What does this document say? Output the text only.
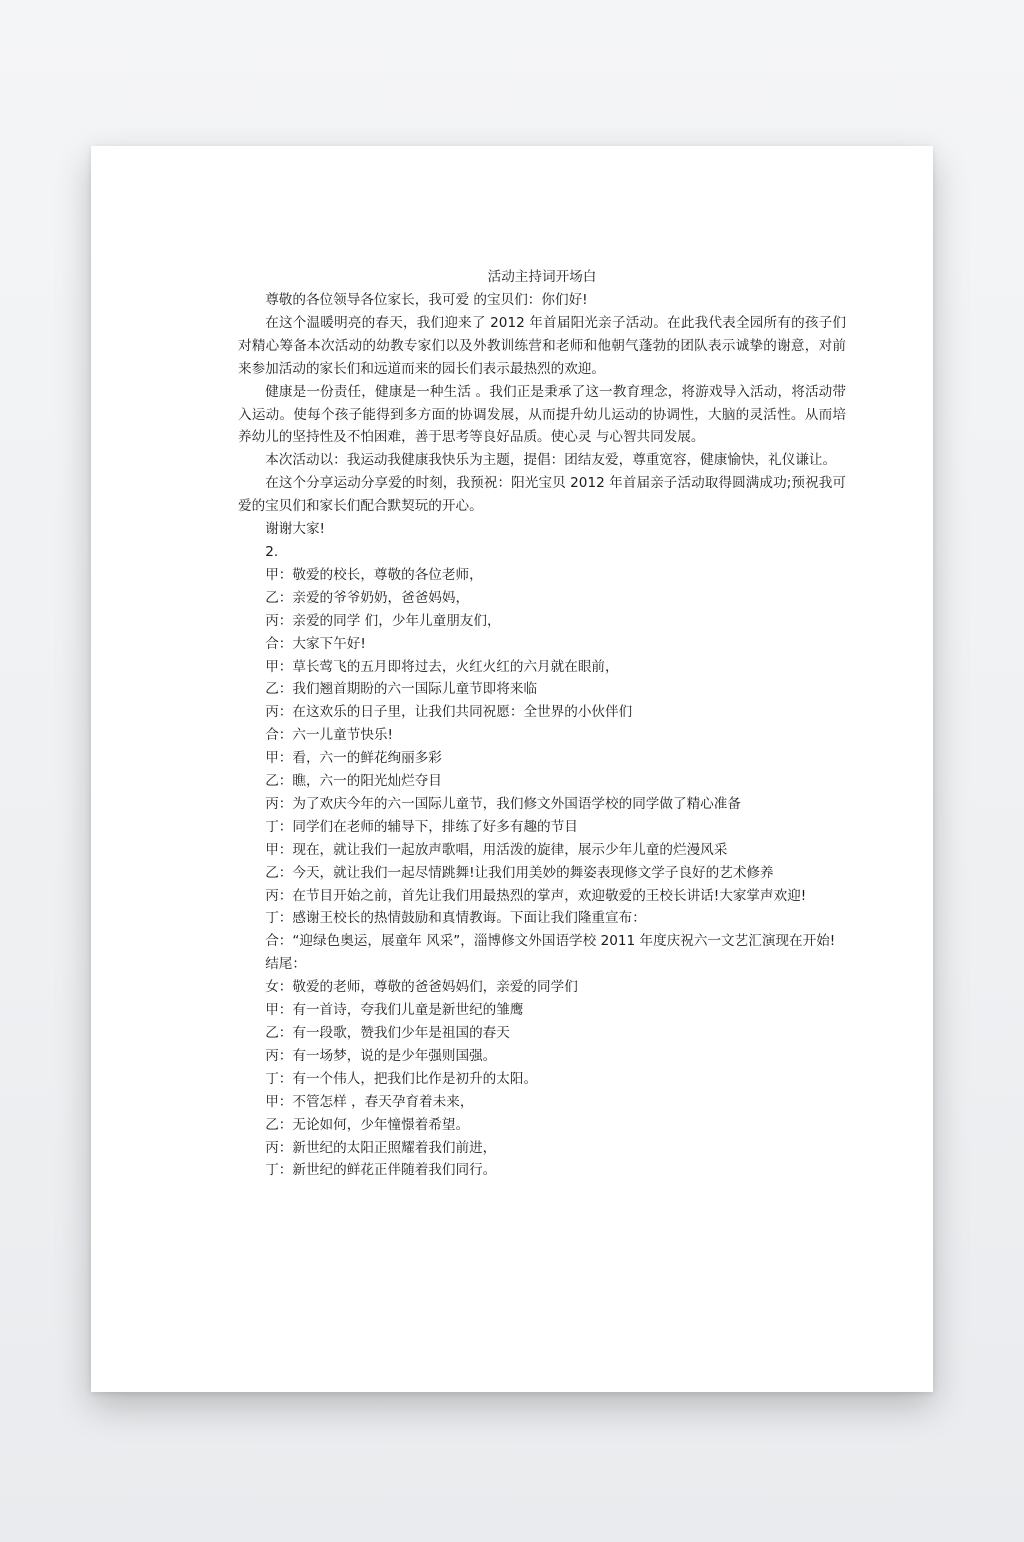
活动主持词开场白

尊敬的各位领导各位家长，我可爱 的宝贝们：你们好!

在这个温暖明亮的春天，我们迎来了 2012 年首届阳光亲子活动。在此我代表全园所有的孩子们对精心筹备本次活动的幼教专家们以及外教训练营和老师和他朝气蓬勃的团队表示诚挚的谢意，对前来参加活动的家长们和远道而来的园长们表示最热烈的欢迎。

健康是一份责任，健康是一种生活 。我们正是秉承了这一教育理念，将游戏导入活动，将活动带入运动。使每个孩子能得到多方面的协调发展，从而提升幼儿运动的协调性，大脑的灵活性。从而培养幼儿的坚持性及不怕困难，善于思考等良好品质。使心灵 与心智共同发展。

本次活动以：我运动我健康我快乐为主题，提倡：团结友爱，尊重宽容，健康愉快，礼仪谦让。

在这个分享运动分享爱的时刻，我预祝：阳光宝贝 2012 年首届亲子活动取得圆满成功;预祝我可爱的宝贝们和家长们配合默契玩的开心。

谢谢大家!

2.

甲：敬爱的校长，尊敬的各位老师，

乙：亲爱的爷爷奶奶，爸爸妈妈，

丙：亲爱的同学 们，少年儿童朋友们，

合：大家下午好!

甲：草长莺飞的五月即将过去，火红火红的六月就在眼前，

乙：我们翘首期盼的六一国际儿童节即将来临

丙：在这欢乐的日子里，让我们共同祝愿：全世界的小伙伴们

合：六一儿童节快乐!

甲：看，六一的鲜花绚丽多彩

乙：瞧，六一的阳光灿烂夺目

丙：为了欢庆今年的六一国际儿童节，我们修文外国语学校的同学做了精心准备

丁：同学们在老师的辅导下，排练了好多有趣的节目

甲：现在，就让我们一起放声歌唱，用活泼的旋律，展示少年儿童的烂漫风采

乙：今天，就让我们一起尽情跳舞!让我们用美妙的舞姿表现修文学子良好的艺术修养

丙：在节目开始之前，首先让我们用最热烈的掌声，欢迎敬爱的王校长讲话!大家掌声欢迎!

丁：感谢王校长的热情鼓励和真情教诲。下面让我们隆重宣布：

合：“迎绿色奥运，展童年 风采”，淄博修文外国语学校 2011 年度庆祝六一文艺汇演现在开始!

结尾：

女：敬爱的老师，尊敬的爸爸妈妈们，亲爱的同学们

甲：有一首诗，夸我们儿童是新世纪的雏鹰

乙：有一段歌，赞我们少年是祖国的春天

丙：有一场梦，说的是少年强则国强。

丁：有一个伟人，把我们比作是初升的太阳。

甲：不管怎样 ，春天孕育着未来，

乙：无论如何，少年憧憬着希望。

丙：新世纪的太阳正照耀着我们前进，

丁：新世纪的鲜花正伴随着我们同行。
